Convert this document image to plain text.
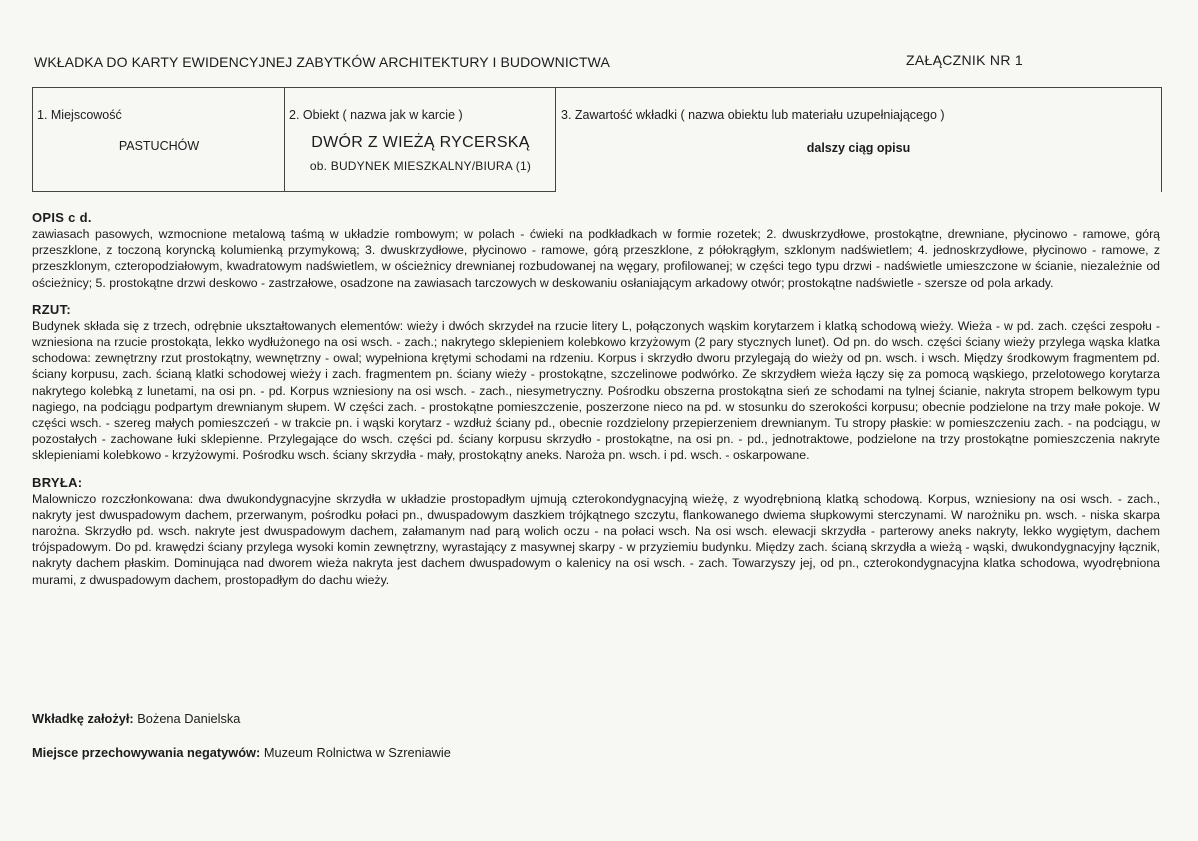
WKŁADKA DO KARTY EWIDENCYJNEJ ZABYTKÓW ARCHITEKTURY I BUDOWNICTWA	ZAŁĄCZNIK NR 1
1. Miejscowość
PASTUCHÓW
2. Obiekt ( nazwa jak w karcie )
DWÓR Z WIEŻĄ RYCERSKĄ
ob. BUDYNEK MIESZKALNY/BIURA (1)
3. Zawartość wkładki ( nazwa obiektu lub materiału uzupełniającego )
dalszy ciąg opisu
OPIS c d.
zawiasach pasowych, wzmocnione metalową taśmą w układzie rombowym; w polach - ćwieki na podkładkach w formie rozetek; 2. dwuskrzydłowe, prostokątne, drewniane, płycinowo - ramowe, górą przeszklone, z toczoną koryncką kolumienką przymykową; 3. dwuskrzydłowe, płycinowo - ramowe, górą przeszklone, z półokrągłym, szklonym nadświetlem; 4. jednoskrzydłowe, płycinowo - ramowe, z przeszklonym, czteropodziałowym, kwadratowym nadświetlem, w ościeżnicy drewnianej rozbudowanej na węgary, profilowanej; w części tego typu drzwi - nadświetle umieszczone w ścianie, niezależnie od ościeżnicy; 5. prostokątne drzwi deskowo - zastrzałowe, osadzone na zawiasach tarczowych w deskowaniu osłaniającym arkadowy otwór; prostokątne nadświetle - szersze od pola arkady.
RZUT:
Budynek składa się z trzech, odrębnie ukształtowanych elementów: wieży i dwóch skrzydeł na rzucie litery L, połączonych wąskim korytarzem i klatką schodową wieży. Wieża - w pd. zach. części zespołu - wzniesiona na rzucie prostokąta, lekko wydłużonego na osi wsch. - zach.; nakrytego sklepieniem kolebkowo krzyżowym (2 pary stycznych lunet). Od pn. do wsch. części ściany wieży przylega wąska klatka schodowa: zewnętrzny rzut prostokątny, wewnętrzny - owal; wypełniona krętymi schodami na rdzeniu. Korpus i skrzydło dworu przylegają do wieży od pn. wsch. i wsch. Między środkowym fragmentem pd. ściany korpusu, zach. ścianą klatki schodowej wieży i zach. fragmentem pn. ściany wieży - prostokątne, szczelinowe podwórko. Ze skrzydłem wieża łączy się za pomocą wąskiego, przelotowego korytarza nakrytego kolebką z lunetami, na osi pn. - pd. Korpus wzniesiony na osi wsch. - zach., niesymetryczny. Pośrodku obszerna prostokątna sień ze schodami na tylnej ścianie, nakryta stropem belkowym typu nagiego, na podciągu podpartym drewnianym słupem. W części zach. - prostokątne pomieszczenie, poszerzone nieco na pd. w stosunku do szerokości korpusu; obecnie podzielone na trzy małe pokoje. W części wsch. - szereg małych pomieszczeń - w trakcie pn. i wąski korytarz - wzdłuż ściany pd., obecnie rozdzielony przepierzeniem drewnianym. Tu stropy płaskie: w pomieszczeniu zach. - na podciągu, w pozostałych - zachowane łuki sklepienne. Przylegające do wsch. części pd. ściany korpusu skrzydło - prostokątne, na osi pn. - pd., jednotraktowe, podzielone na trzy prostokątne pomieszczenia nakryte sklepieniami kolebkowo - krzyżowymi. Pośrodku wsch. ściany skrzydła - mały, prostokątny aneks. Naroża pn. wsch. i pd. wsch. - oskarpowane.
BRYŁA:
Malowniczo rozczłonkowana: dwa dwukondygnacyjne skrzydła w układzie prostopadłym ujmują czterokondygnacyjną wieżę, z wyodrębnioną klatką schodową. Korpus, wzniesiony na osi wsch. - zach., nakryty jest dwuspadowym dachem, przerwanym, pośrodku połaci pn., dwuspadowym daszkiem trójkątnego szczytu, flankowanego dwiema słupkowymi sterczynami. W narożniku pn. wsch. - niska skarpa narożna. Skrzydło pd. wsch. nakryte jest dwuspadowym dachem, załamanym nad parą wolich oczu - na połaci wsch. Na osi wsch. elewacji skrzydła - parterowy aneks nakryty, lekko wygiętym, dachem trójspadowym. Do pd. krawędzi ściany przylega wysoki komin zewnętrzny, wyrastający z masywnej skarpy - w przyziemiu budynku. Między zach. ścianą skrzydła a wieżą - wąski, dwukondygnacyjny łącznik, nakryty dachem płaskim. Dominująca nad dworem wieża nakryta jest dachem dwuspadowym o kalenicy na osi wsch. - zach. Towarzyszy jej, od pn., czterokondygnacyjna klatka schodowa, wyodrębniona murami, z dwuspadowym dachem, prostopadłym do dachu wieży.
Wkładkę założył: Bożena Danielska
Miejsce przechowywania negatywów: Muzeum Rolnictwa w Szreniawie
